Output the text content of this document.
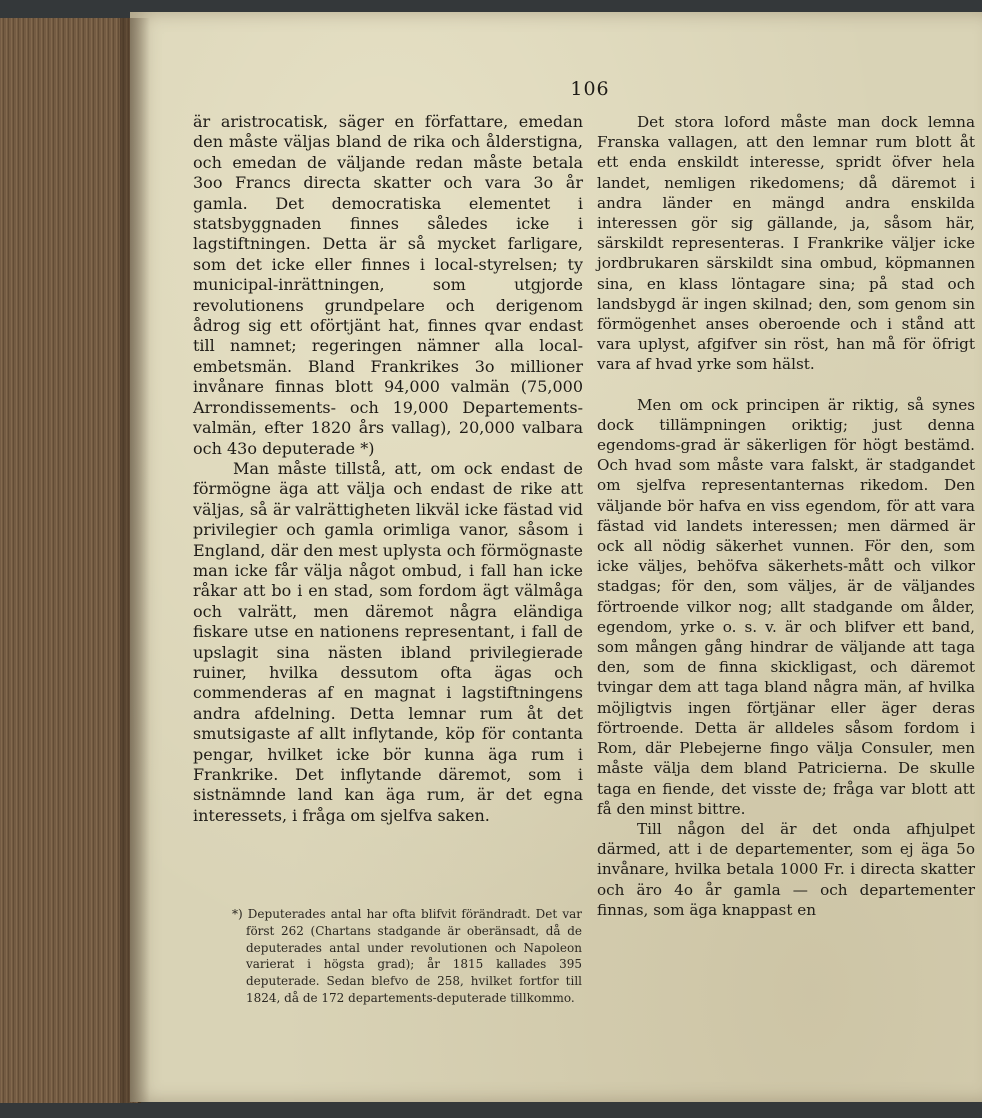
106

är aristrocatisk, säger en författare, emedan den måste väljas bland de rika och ålderstigna, och emedan de väljande redan måste betala 3oo Francs directa skatter och vara 3o år gamla. Det democratiska elementet i statsbyggnaden finnes således icke i lagstiftningen. Detta är så mycket farligare, som det icke eller finnes i local-styrelsen; ty municipal-inrättningen, som utgjorde revolutionens grundpelare och derigenom ådrog sig ett oförtjänt hat, finnes qvar endast till namnet; regeringen nämner alla local-embetsmän. Bland Frankrikes 3o millioner invånare finnas blott 94,000 valmän (75,000 Arrondissements- och 19,000 Departements-valmän, efter 1820 års vallag), 20,000 valbara och 43o deputerade *)

Man måste tillstå, att, om ock endast de förmögne äga att välja och endast de rike att väljas, så är valrättigheten likväl icke fästad vid privilegier och gamla orimliga vanor, såsom i England, där den mest uplysta och förmögnaste man icke får välja något ombud, i fall han icke råkar att bo i en stad, som fordom ägt välmåga och valrätt, men däremot några eländiga fiskare utse en nationens representant, i fall de upslagit sina nästen ibland privilegierade ruiner, hvilka dessutom ofta ägas och commenderas af en magnat i lagstiftningens andra afdelning. Detta lemnar rum åt det smutsigaste af allt inflytande, köp för contanta pengar, hvilket icke bör kunna äga rum i Frankrike. Det inflytande däremot, som i sistnämnde land kan äga rum, är det egna interessets, i fråga om sjelfva saken.

Det stora loford måste man dock lemna Franska vallagen, att den lemnar rum blott åt ett enda enskildt interesse, spridt öfver hela landet, nemligen rikedomens; då däremot i andra länder en mängd andra enskilda interessen gör sig gällande, ja, såsom här, särskildt representeras. I Frankrike väljer icke jordbrukaren särskildt sina ombud, köpmannen sina, en klass löntagare sina; på stad och landsbygd är ingen skilnad; den, som genom sin förmögenhet anses oberoende och i stånd att vara uplyst, afgifver sin röst, han må för öfrigt vara af hvad yrke som hälst.

Men om ock principen är riktig, så synes dock tillämpningen oriktig; just denna egendoms-grad är säkerligen för högt bestämd. Och hvad som måste vara falskt, är stadgandet om sjelfva representanternas rikedom. Den väljande bör hafva en viss egendom, för att vara fästad vid landets interessen; men därmed är ock all nödig säkerhet vunnen. För den, som icke väljes, behöfva säkerhets-mått och vilkor stadgas; för den, som väljes, är de väljandes förtroende vilkor nog; allt stadgande om ålder, egendom, yrke o. s. v. är och blifver ett band, som mången gång hindrar de väljande att taga den, som de finna skickligast, och däremot tvingar dem att taga bland några män, af hvilka möjligtvis ingen förtjänar eller äger deras förtroende. Detta är alldeles såsom fordom i Rom, där Plebejerne fingo välja Consuler, men måste välja dem bland Patricierna. De skulle taga en fiende, det visste de; fråga var blott att få den minst bittre.

Till någon del är det onda afhjulpet därmed, att i de departementer, som ej äga 5o invånare, hvilka betala 1000 Fr. i directa skatter och äro 4o år gamla — och departementer finnas, som äga knappast en

*) Deputerades antal har ofta blifvit förändradt. Det var först 262 (Chartans stadgande är oberänsadt, då de deputerades antal under revolutionen och Napoleon varierat i högsta grad); år 1815 kallades 395 deputerade. Sedan blefvo de 258, hvilket fortfor till 1824, då de 172 departements-deputerade tillkommo.
